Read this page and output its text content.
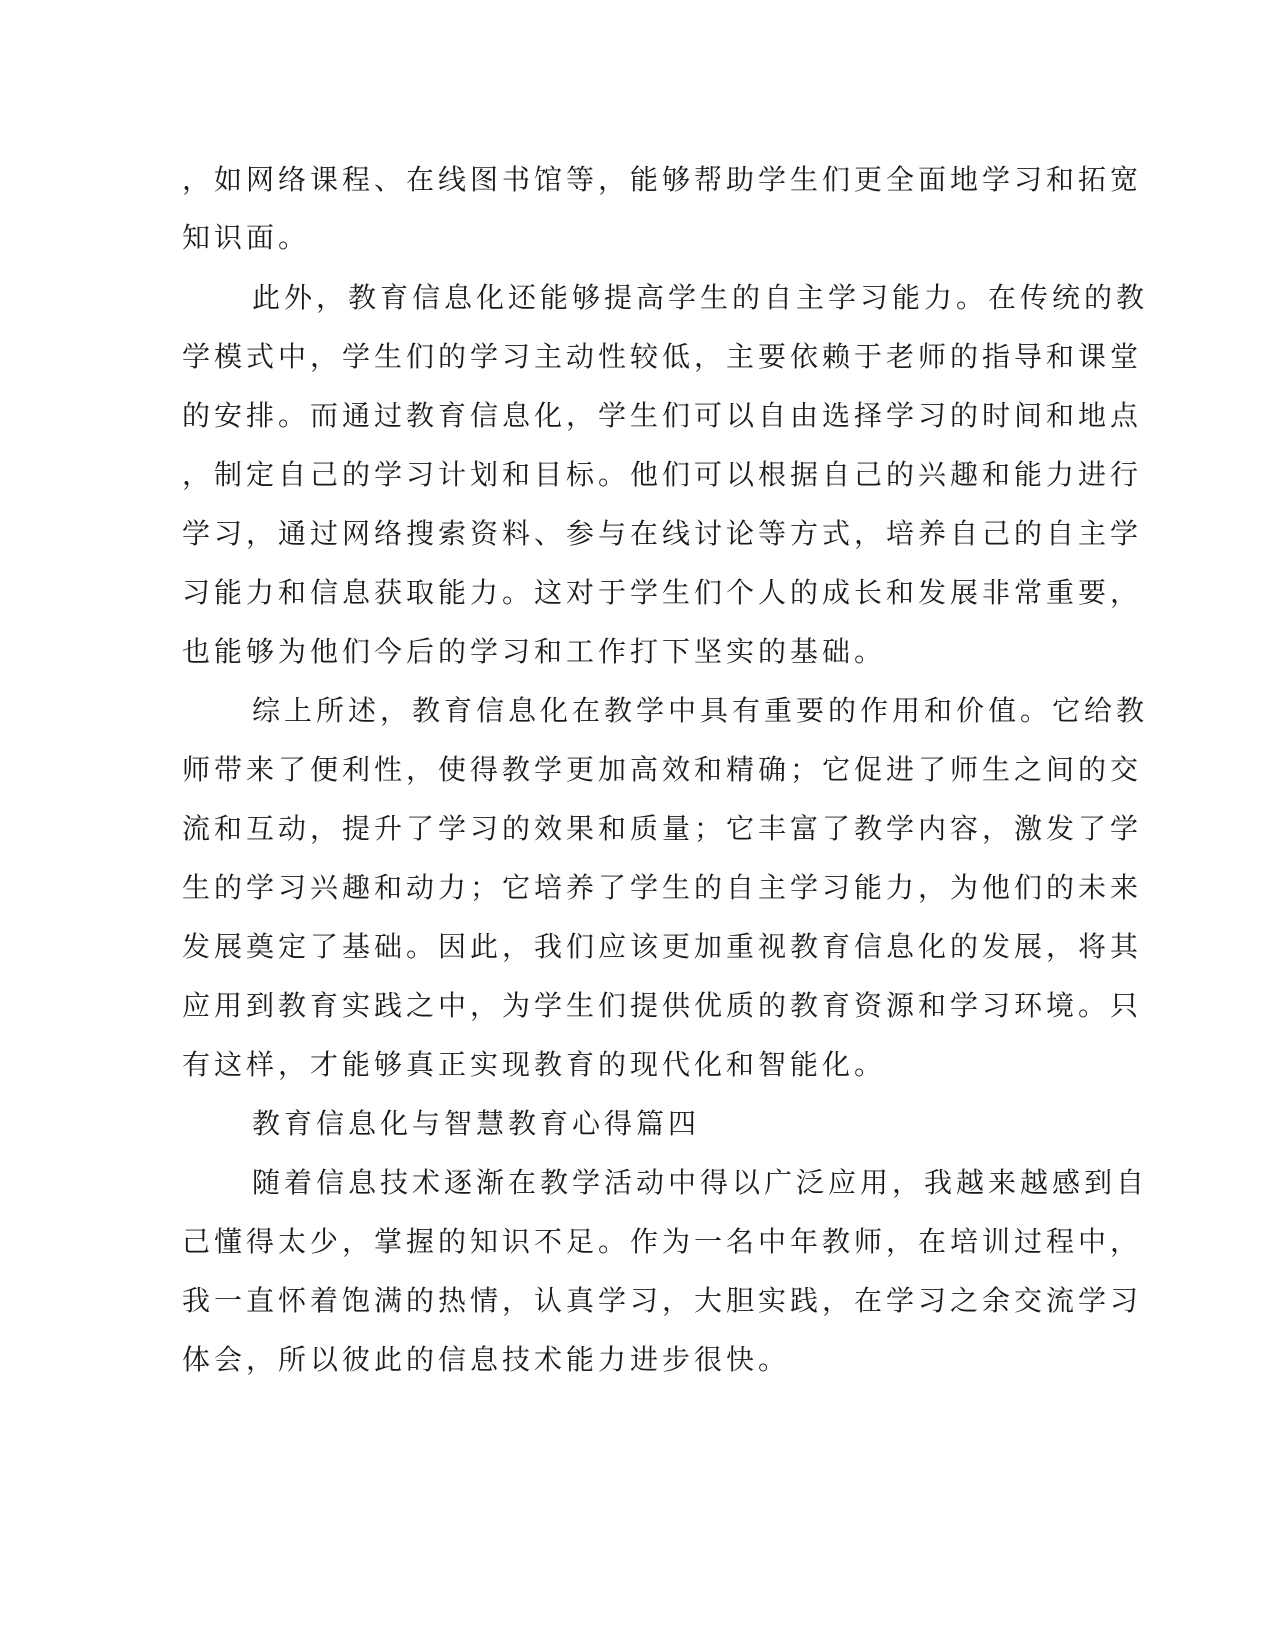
，如网络课程、在线图书馆等，能够帮助学生们更全面地学习和拓宽
知识面。
此外，教育信息化还能够提高学生的自主学习能力。在传统的教
学模式中，学生们的学习主动性较低，主要依赖于老师的指导和课堂
的安排。而通过教育信息化，学生们可以自由选择学习的时间和地点
，制定自己的学习计划和目标。他们可以根据自己的兴趣和能力进行
学习，通过网络搜索资料、参与在线讨论等方式，培养自己的自主学
习能力和信息获取能力。这对于学生们个人的成长和发展非常重要，
也能够为他们今后的学习和工作打下坚实的基础。
综上所述，教育信息化在教学中具有重要的作用和价值。它给教
师带来了便利性，使得教学更加高效和精确；它促进了师生之间的交
流和互动，提升了学习的效果和质量；它丰富了教学内容，激发了学
生的学习兴趣和动力；它培养了学生的自主学习能力，为他们的未来
发展奠定了基础。因此，我们应该更加重视教育信息化的发展，将其
应用到教育实践之中，为学生们提供优质的教育资源和学习环境。只
有这样，才能够真正实现教育的现代化和智能化。
教育信息化与智慧教育心得篇四
随着信息技术逐渐在教学活动中得以广泛应用，我越来越感到自
己懂得太少，掌握的知识不足。作为一名中年教师，在培训过程中，
我一直怀着饱满的热情，认真学习，大胆实践，在学习之余交流学习
体会，所以彼此的信息技术能力进步很快。
